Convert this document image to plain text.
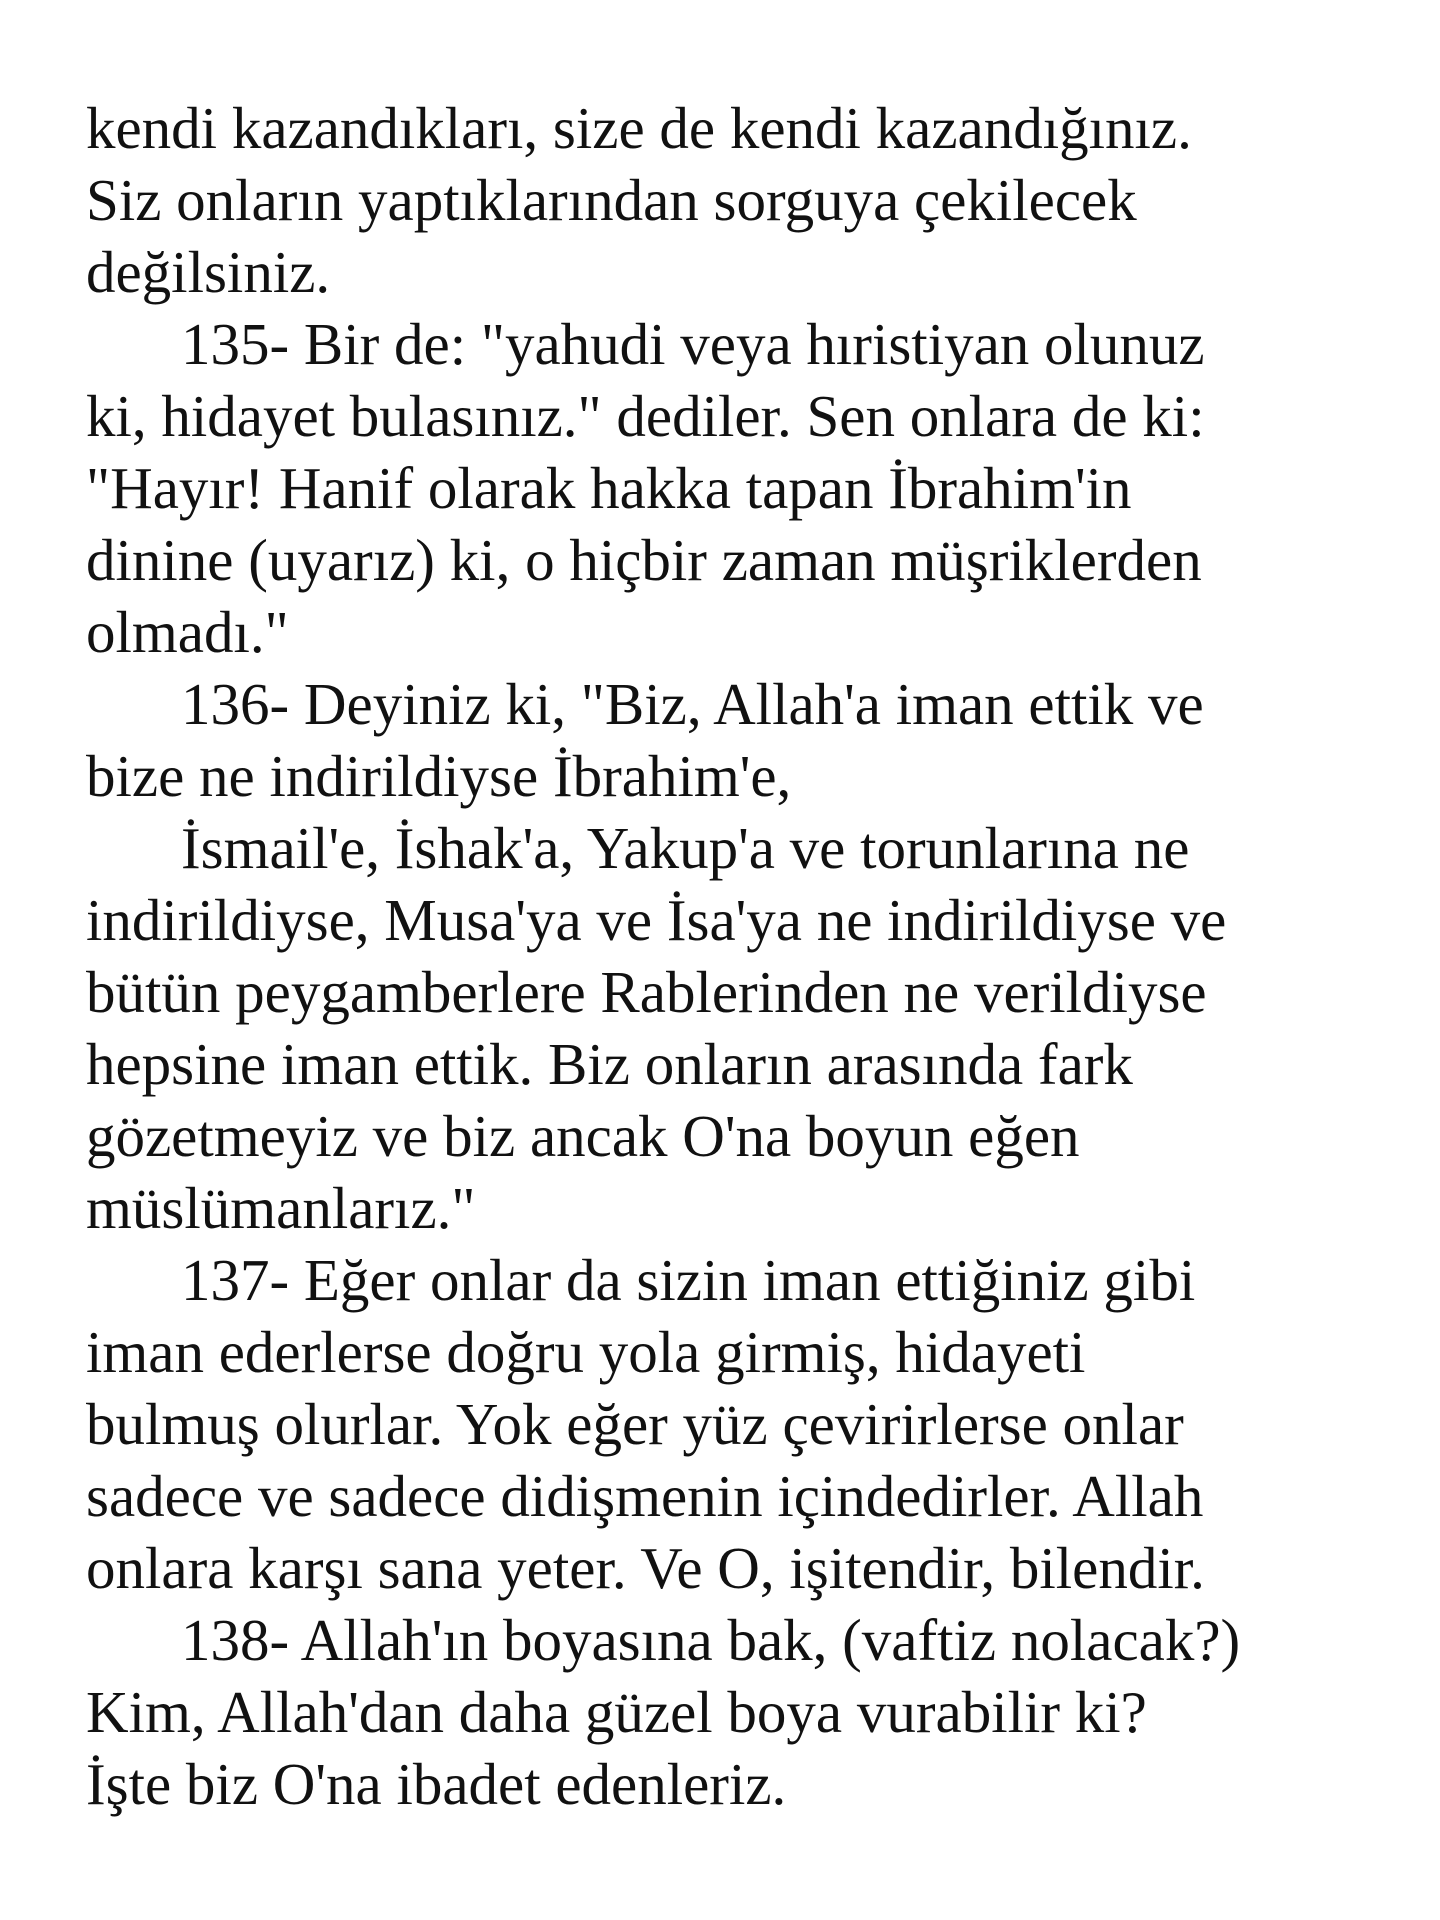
kendi kazandıkları, size de kendi kazandığınız.
Siz onların yaptıklarından sorguya çekilecek
değilsiniz.
135- Bir de: "yahudi veya hıristiyan olunuz
ki, hidayet bulasınız." dediler. Sen onlara de ki:
"Hayır! Hanif olarak hakka tapan İbrahim'in
dinine (uyarız) ki, o hiçbir zaman müşriklerden
olmadı."
136- Deyiniz ki, "Biz, Allah'a iman ettik ve
bize ne indirildiyse İbrahim'e,
İsmail'e, İshak'a, Yakup'a ve torunlarına ne
indirildiyse, Musa'ya ve İsa'ya ne indirildiyse ve
bütün peygamberlere Rablerinden ne verildiyse
hepsine iman ettik. Biz onların arasında fark
gözetmeyiz ve biz ancak O'na boyun eğen
müslümanlarız."
137- Eğer onlar da sizin iman ettiğiniz gibi
iman ederlerse doğru yola girmiş, hidayeti
bulmuş olurlar. Yok eğer yüz çevirirlerse onlar
sadece ve sadece didişmenin içindedirler. Allah
onlara karşı sana yeter. Ve O, işitendir, bilendir.
138- Allah'ın boyasına bak, (vaftiz nolacak?)
Kim, Allah'dan daha güzel boya vurabilir ki?
İşte biz O'na ibadet edenleriz.
